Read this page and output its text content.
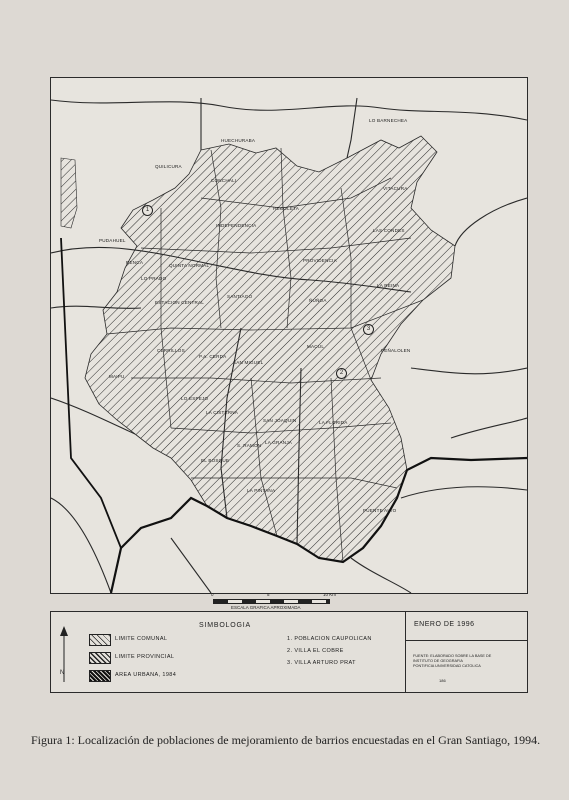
LO BARNECHEA
HUECHURABA
CONCHALI
RECOLETA
VITACURA
INDEPENDENCIA
QUILICURA
RENCA
QUINTA NORMAL
PUDAHUEL
LO PRADO
LAS CONDES
PROVIDENCIA
SANTIAGO
ESTACION CENTRAL
LA REINA
ÑUÑOA
CERRILLOS
P.A. CERDA
SAN MIGUEL
MACUL
PEÑALOLEN
MAIPU
LO ESPEJO
LA CISTERNA
SAN JOAQUIN	LA FLORIDA
EL BOSQUE
LA GRANJA
S. RAMON
LA PINTANA
PUENTE ALTO
1
2
3
0	5	10 Km
ESCALA GRAFICA APROXIMADA
N
SIMBOLOGIA
LIMITE COMUNAL
LIMITE PROVINCIAL
AREA URBANA, 1984
1. POBLACION CAUPOLICAN
2. VILLA EL COBRE
3. VILLA ARTURO PRAT
ENERO DE 1996
FUENTE: ELABORADO SOBRE LA BASE DE
INSTITUTO DE GEOGRAFIA
PONTIFICIA UNIVERSIDAD CATOLICA
186
Figura 1: Localización de poblaciones de mejoramiento de barrios encuestadas en el Gran Santiago, 1994.
